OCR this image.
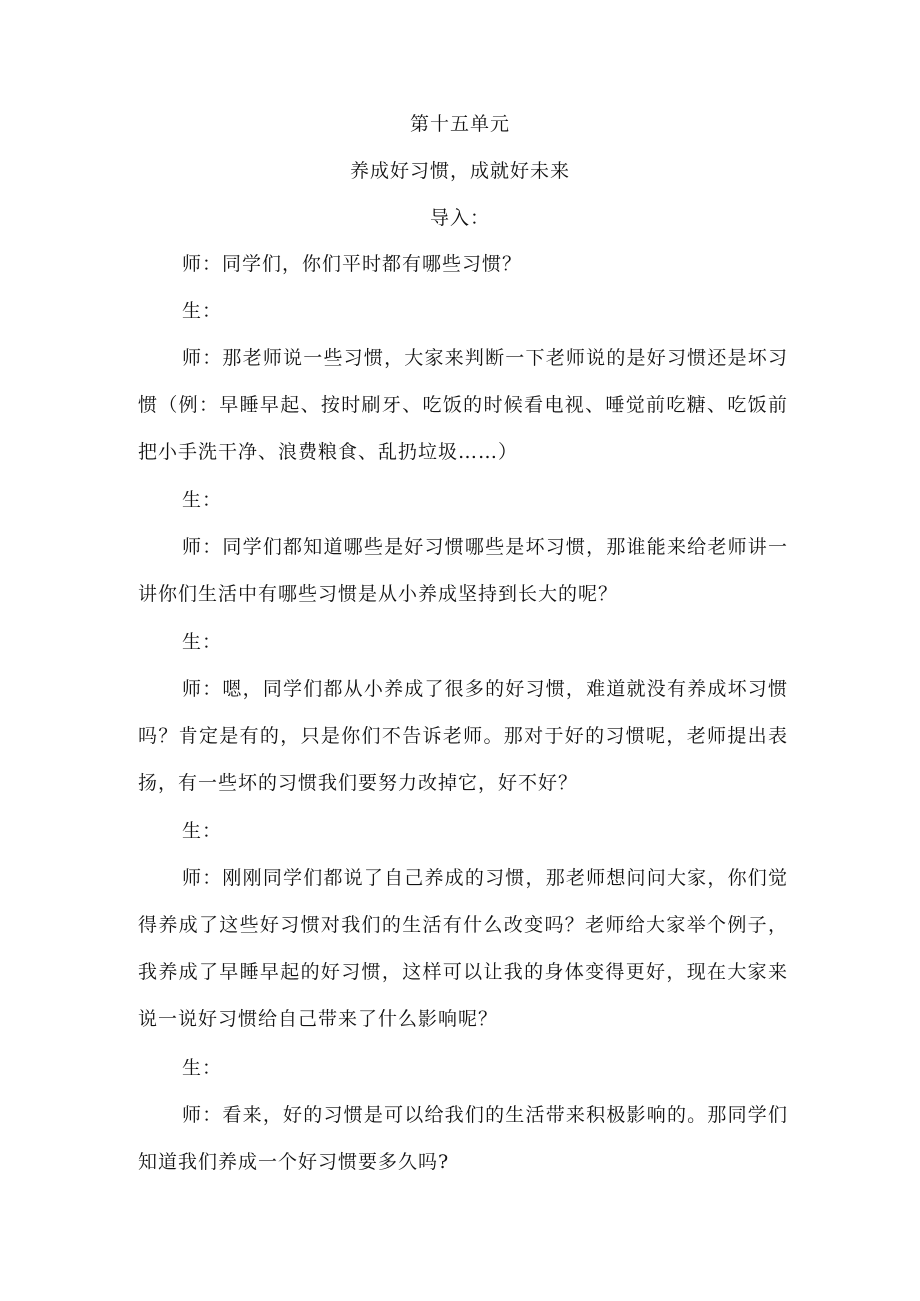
第十五单元
养成好习惯，成就好未来
导入：

师：同学们，你们平时都有哪些习惯？

生：

师：那老师说一些习惯，大家来判断一下老师说的是好习惯还是坏习惯（例：早睡早起、按时刷牙、吃饭的时候看电视、唾觉前吃糖、吃饭前把小手洗干净、浪费粮食、乱扔垃圾……）

生：

师：同学们都知道哪些是好习惯哪些是坏习惯，那谁能来给老师讲一讲你们生活中有哪些习惯是从小养成坚持到长大的呢？

生：

师：嗯，同学们都从小养成了很多的好习惯，难道就没有养成坏习惯吗？肯定是有的，只是你们不告诉老师。那对于好的习惯呢，老师提出表扬，有一些坏的习惯我们要努力改掉它，好不好？

生：

师：刚刚同学们都说了自己养成的习惯，那老师想问问大家，你们觉得养成了这些好习惯对我们的生活有什么改变吗？老师给大家举个例子，我养成了早睡早起的好习惯，这样可以让我的身体变得更好，现在大家来说一说好习惯给自己带来了什么影响呢？

生：

师：看来，好的习惯是可以给我们的生活带来积极影响的。那同学们知道我们养成一个好习惯要多久吗?
